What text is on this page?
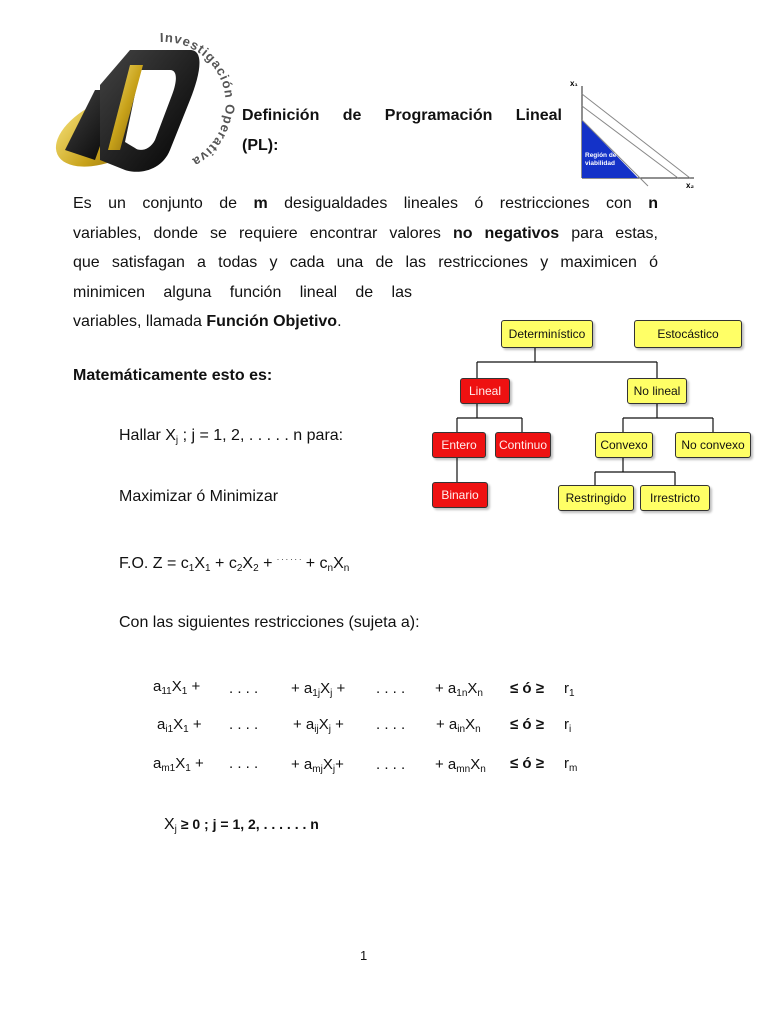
Investigación Operativa
Definición de Programación Lineal
(PL):
x₁
x₂
Región de
viabilidad
Es un conjunto de m desigualdades lineales ó restricciones con n
variables, donde se requiere encontrar valores no negativos para estas,
que satisfagan a todas y cada una de las restricciones y maximicen ó
minimicen alguna función lineal de las
variables, llamada Función Objetivo.
Determinístico	Estocástico
Lineal	No lineal
Entero	Continuo	Convexo	No convexo
Binario	Restringido	Irrestricto
Matemáticamente esto es:
Hallar $X_j$ ; j = 1, 2, . . . . . n para:
Maximizar ó Minimizar
F.O. $Z = c_1X_1 + c_2X_2 + ^{. . . . . .} + c_nX_n$
Con las siguientes restricciones (sujeta a):
$a_{11}X_1$ + . . . . + $a_{1j}X_j$ + . . . . + $a_{1n}X_n$ ≤ ó ≥ $r_1$
$a_{i1}X_1$ + . . . . + $a_{ij}X_j$ + . . . . + $a_{in}X_n$ ≤ ó ≥ $r_i$
$a_{m1}X_1$ + . . . . + $a_{mj}X_j+$ . . . . + $a_{mn}X_n$ ≤ ó ≥ $r_m$
$X_j \ge 0$ ; j = 1, 2, . . . . . . n
1
